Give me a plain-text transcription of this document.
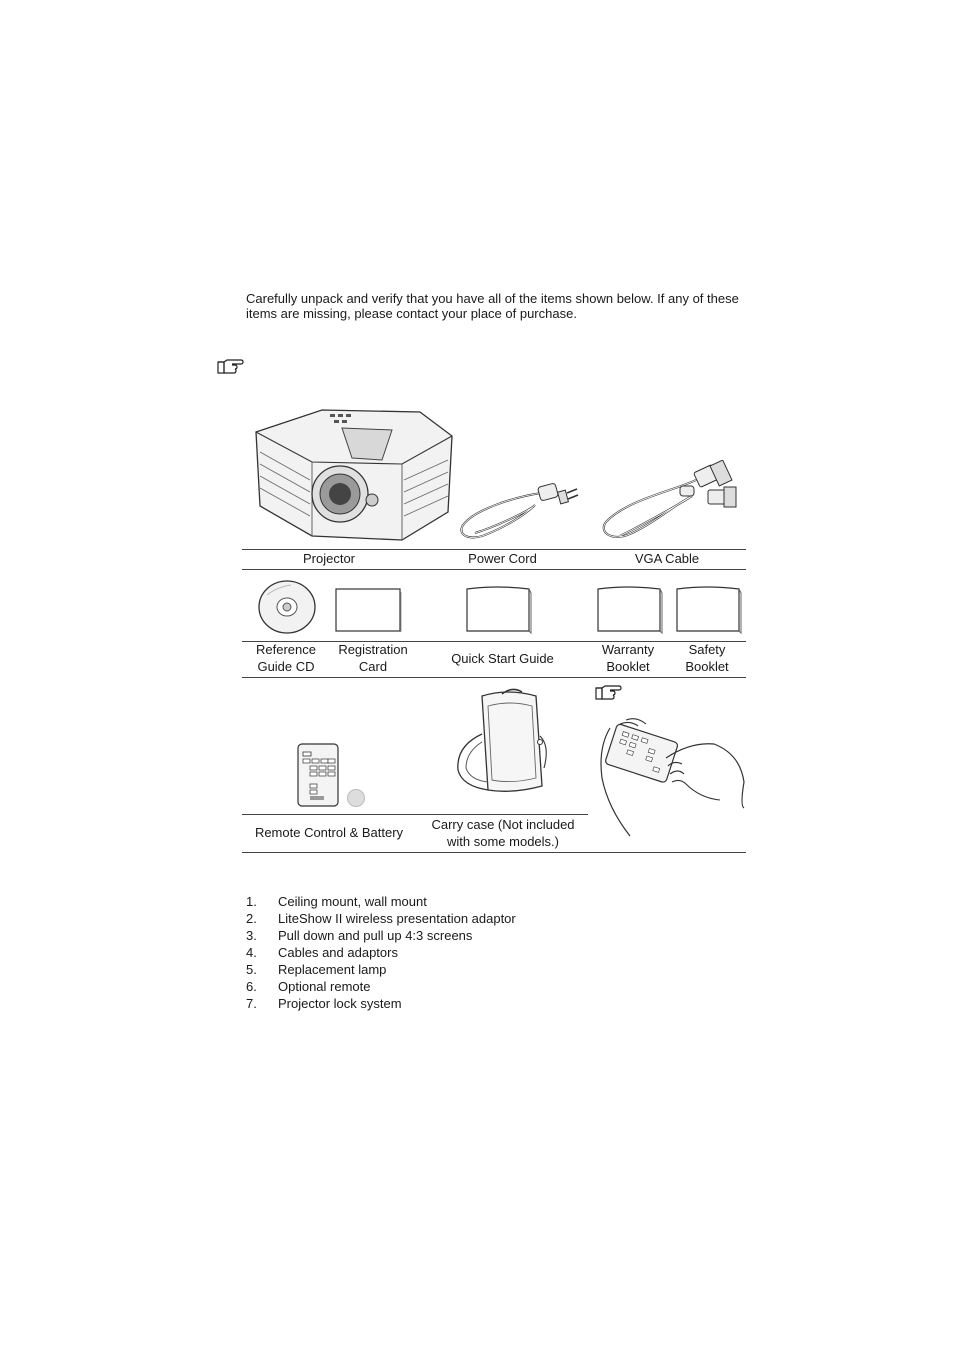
Carefully unpack and verify that you have all of the items shown below. If any of these items are missing, please contact your place of purchase.
Projector	Power Cord	VGA Cable
Reference
Guide CD
Registration
Card
Quick Start Guide
Warranty
Booklet
Safety
Booklet
Remote Control & Battery
Carry case (Not included
with some models.)
1. Ceiling mount, wall mount
2. LiteShow II wireless presentation adaptor
3. Pull down and pull up 4:3 screens
4. Cables and adaptors
5. Replacement lamp
6. Optional remote
7. Projector lock system
